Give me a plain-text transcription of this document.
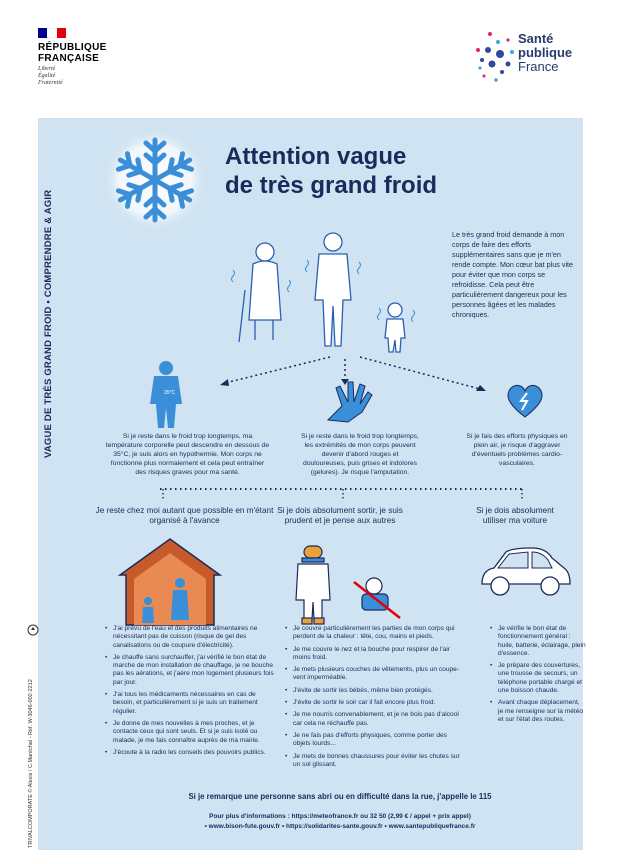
RÉPUBLIQUE
FRANÇAISE
Liberté
Égalité
Fraternité
Santé
publique
France
VAGUE DE TRÈS GRAND FROID • COMPRENDRE & AGIR
TRIVALCOMPORATE © Alexis / C.Maréchal - Réf. W-3046-002-2212
Attention vague
de très grand froid
Le très grand froid demande à mon corps de faire des efforts supplémentaires sans que je m'en rende compte. Mon cœur bat plus vite pour éviter que mon corps se refroidisse. Cela peut être particulièrement dangereux pour les personnes âgées et les malades chroniques.
35°C
Si je reste dans le froid trop longtemps, ma température corporelle peut descendre en dessous de 35°C, je suis alors en hypothermie. Mon corps ne fonctionne plus normalement et cela peut entraîner des risques graves pour ma santé.
Si je reste dans le froid trop longtemps, les extrémités de mon corps peuvent devenir d'abord rouges et douloureuses, puis grises et indolores (gelures). Je risque l'amputation.
Si je fais des efforts physiques en plein air, je risque d'aggraver d'éventuels problèmes cardio-vasculaires.
Je reste chez moi autant que possible en m'étant organisé à l'avance
Si je dois absolument sortir, je suis prudent et je pense aux autres
Si je dois absolument utiliser ma voiture
• J'ai prévu de l'eau et des produits alimentaires ne nécessitant pas de cuisson (risque de gel des canalisations ou de coupure d'électricité).
• Je chauffe sans surchauffer, j'ai vérifié le bon état de marche de mon installation de chauffage, je ne bouche pas les aérations, et j'aère mon logement plusieurs fois par jour.
• J'ai tous les médicaments nécessaires en cas de besoin, et particulièrement si je suis un traitement régulier.
• Je donne de mes nouvelles à mes proches, et je contacte ceux qui sont seuls. Et si je suis isolé ou malade, je me fais connaître auprès de ma mairie.
• J'écoute à la radio les conseils des pouvoirs publics.
• Je couvre particulièrement les parties de mon corps qui perdent de la chaleur : tête, cou, mains et pieds.
• Je me couvre le nez et la bouche pour respirer de l'air moins froid.
• Je mets plusieurs couches de vêtements, plus un coupe-vent imperméable.
• J'évite de sortir les bébés, même bien protégés.
• J'évite de sortir le soir car il fait encore plus froid.
• Je me nourris convenablement, et je ne bois pas d'alcool car cela ne réchauffe pas.
• Je ne fais pas d'efforts physiques, comme porter des objets lourds...
• Je mets de bonnes chaussures pour éviter les chutes sur un sol glissant.
• Je vérifie le bon état de fonctionnement général : huile, batterie, éclairage, plein d'essence.
• Je prépare des couvertures, une trousse de secours, un téléphone portable chargé et une boisson chaude.
• Avant chaque déplacement, je me renseigne sur la météo et sur l'état des routes.
Si je remarque une personne sans abri ou en difficulté dans la rue, j'appelle le 115
Pour plus d'informations : https://meteofrance.fr ou 32 50 (2,99 € / appel + prix appel)
• www.bison-fute.gouv.fr • https://solidarites-sante.gouv.fr • www.santepubliquefrance.fr
